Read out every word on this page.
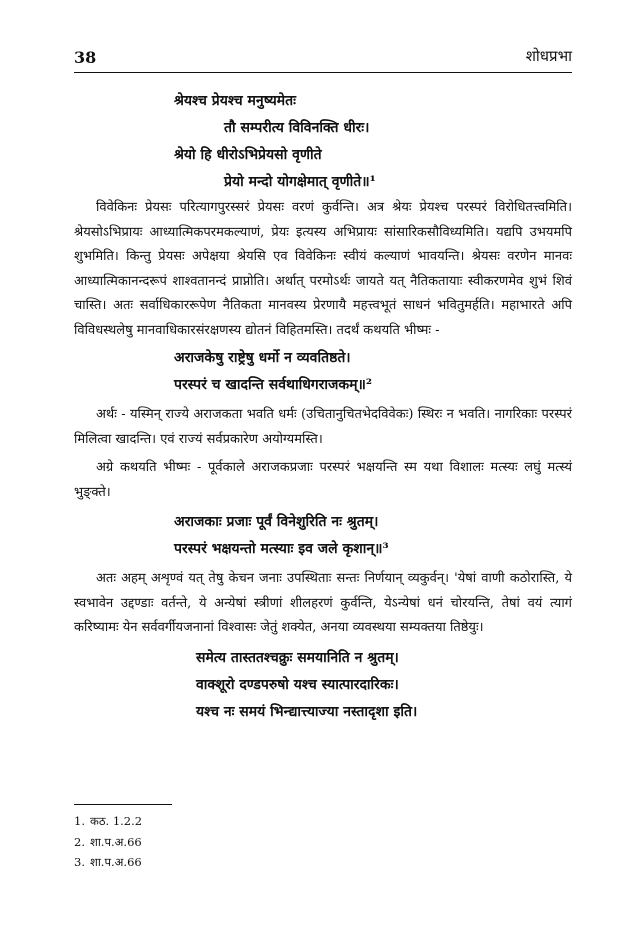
38	शोधप्रभा
श्रेयश्च प्रेयश्च मनुष्यमेतः
तौ सम्परीत्य विविनक्ति धीरः।
श्रेयो हि धीरोऽभिप्रेयसो वृणीते
प्रेयो मन्दो योगक्षेमात् वृणीते॥¹

विवेकिनः प्रेयसः परित्यागपुरस्सरं प्रेयसः वरणं कुर्वन्ति। अत्र श्रेयः प्रेयश्च परस्परं विरोधितत्त्वमिति। श्रेयसोऽभिप्रायः आध्यात्मिकपरमकल्याणं, प्रेयः इत्यस्य अभिप्रायः सांसारिकसौविध्यमिति। यद्यपि उभयमपि शुभमिति। किन्तु प्रेयसः अपेक्षया श्रेयसि एव विवेकिनः स्वीयं कल्याणं भावयन्ति। श्रेयसः वरणेन मानवः आध्यात्मिकानन्दरूपं शाश्वतानन्दं प्राप्नोति। अर्थात् परमोऽर्थः जायते यत् नैतिकतायाः स्वीकरणमेव शुभं शिवं चास्ति। अतः सर्वाधिकाररूपेण नैतिकता मानवस्य प्रेरणायै महत्त्वभूतं साधनं भवितुमर्हति। महाभारते अपि विविधस्थलेषु मानवाधिकारसंरक्षणस्य द्योतनं विहितमस्ति। तदर्थं कथयति भीष्मः -

अराजकेषु राष्ट्रेषु धर्मो न व्यवतिष्ठते।
परस्परं च खादन्ति सर्वथाधिगराजकम्॥²

अर्थः - यस्मिन् राज्ये अराजकता भवति धर्मः (उचितानुचितभेदविवेकः) स्थिरः न भवति। नागरिकाः परस्परं मिलित्वा खादन्ति। एवं राज्यं सर्वप्रकारेण अयोग्यमस्ति।

अग्रे कथयति भीष्मः - पूर्वकाले अराजकप्रजाः परस्परं भक्षयन्ति स्म यथा विशालः मत्स्यः लघुं मत्स्यं भुङ्क्ते।

अराजकाः प्रजाः पूर्वं विनेशुरिति नः श्रुतम्।
परस्परं भक्षयन्तो मत्स्याः इव जले कृशान्॥³

अतः अहम् अशृण्वं यत् तेषु केचन जनाः उपस्थिताः सन्तः निर्णयान् व्यकुर्वन्। 'येषां वाणी कठोरास्ति, ये स्वभावेन उद्दण्डाः वर्तन्ते, ये अन्येषां स्त्रीणां शीलहरणं कुर्वन्ति, येऽन्येषां धनं चोरयन्ति, तेषां वयं त्यागं करिष्यामः येन सर्ववर्गीयजनानां विश्वासः जेतुं शक्येत, अनया व्यवस्थया सम्यक्तया तिष्ठेयुः।

समेत्य तास्ततश्चक्रुः समयानिति न श्रुतम्।
वाक्शूरो दण्डपरुषो यश्च स्यात्पारदारिकः।
यश्च नः समयं भिन्द्यात्त्याज्या नस्तादृशा इति।
1. कठ. 1.2.2
2. शा.प.अ.66
3. शा.प.अ.66
